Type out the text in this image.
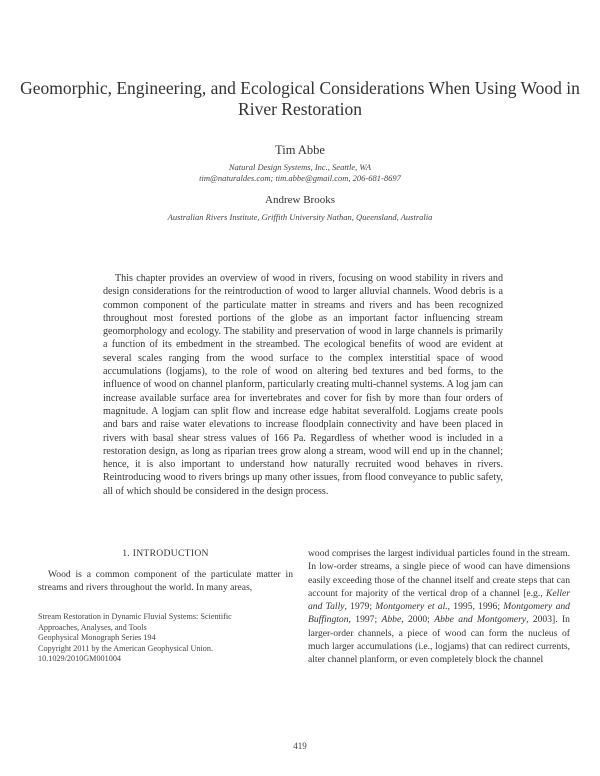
Geomorphic, Engineering, and Ecological Considerations When Using Wood in River Restoration
Tim Abbe
Natural Design Systems, Inc., Seattle, WA
tim@naturaldes.com; tim.abbe@gmail.com, 206-681-8697
Andrew Brooks
Australian Rivers Institute, Griffith University Nathan, Queensland, Australia

This chapter provides an overview of wood in rivers, focusing on wood stability in rivers and design considerations for the reintroduction of wood to larger alluvial channels. Wood debris is a common component of the particulate matter in streams and rivers and has been recognized throughout most forested portions of the globe as an important factor influencing stream geomorphology and ecology. The stability and preservation of wood in large channels is primarily a function of its embedment in the streambed. The ecological benefits of wood are evident at several scales ranging from the wood surface to the complex interstitial space of wood accumulations (logjams), to the role of wood on altering bed textures and bed forms, to the influence of wood on channel planform, particularly creating multi-channel systems. A log jam can increase available surface area for invertebrates and cover for fish by more than four orders of magnitude. A logjam can split flow and increase edge habitat severalfold. Logjams create pools and bars and raise water elevations to increase floodplain connectivity and have been placed in rivers with basal shear stress values of 166 Pa. Regardless of whether wood is included in a restoration design, as long as riparian trees grow along a stream, wood will end up in the channel; hence, it is also important to understand how naturally recruited wood behaves in rivers. Reintroducing wood to rivers brings up many other issues, from flood conveyance to public safety, all of which should be considered in the design process.

1. INTRODUCTION

Wood is a common component of the particulate matter in streams and rivers throughout the world. In many areas,

Stream Restoration in Dynamic Fluvial Systems: Scientific
Approaches, Analyses, and Tools
Geophysical Monograph Series 194
Copyright 2011 by the American Geophysical Union.
10.1029/2010GM001004

wood comprises the largest individual particles found in the stream. In low-order streams, a single piece of wood can have dimensions easily exceeding those of the channel itself and create steps that can account for majority of the vertical drop of a channel [e.g., Keller and Tally, 1979; Montgomery et al., 1995, 1996; Montgomery and Buffington, 1997; Abbe, 2000; Abbe and Montgomery, 2003]. In larger-order channels, a piece of wood can form the nucleus of much larger accumulations (i.e., logjams) that can redirect currents, alter channel planform, or even completely block the channel

419
